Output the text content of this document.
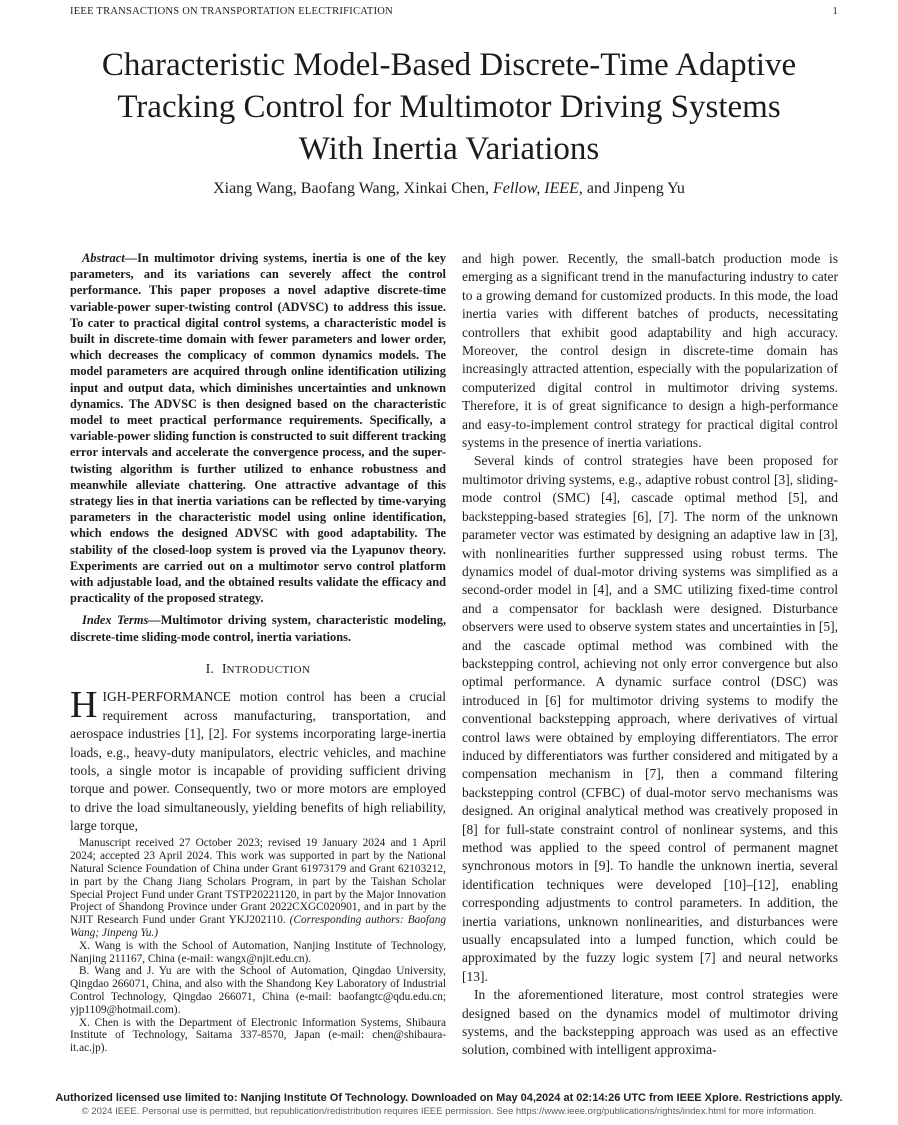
IEEE TRANSACTIONS ON TRANSPORTATION ELECTRIFICATION	1
Characteristic Model-Based Discrete-Time Adaptive
Tracking Control for Multimotor Driving Systems
With Inertia Variations
Xiang Wang, Baofang Wang, Xinkai Chen, Fellow, IEEE, and Jinpeng Yu

Abstract—In multimotor driving systems, inertia is one of the key parameters, and its variations can severely affect the control performance. This paper proposes a novel adaptive discrete-time variable-power super-twisting control (ADVSC) to address this issue. To cater to practical digital control systems, a characteristic model is built in discrete-time domain with fewer parameters and lower order, which decreases the complicacy of common dynamics models. The model parameters are acquired through online identification utilizing input and output data, which diminishes uncertainties and unknown dynamics. The ADVSC is then designed based on the characteristic model to meet practical performance requirements. Specifically, a variable-power sliding function is constructed to suit different tracking error intervals and accelerate the convergence process, and the super-twisting algorithm is further utilized to enhance robustness and meanwhile alleviate chattering. One attractive advantage of this strategy lies in that inertia variations can be reflected by time-varying parameters in the characteristic model using online identification, which endows the designed ADVSC with good adaptability. The stability of the closed-loop system is proved via the Lyapunov theory. Experiments are carried out on a multimotor servo control platform with adjustable load, and the obtained results validate the efficacy and practicality of the proposed strategy.

Index Terms—Multimotor driving system, characteristic modeling, discrete-time sliding-mode control, inertia variations.

I. INTRODUCTION

HIGH-PERFORMANCE motion control has been a crucial requirement across manufacturing, transportation, and aerospace industries [1], [2]. For systems incorporating large-inertia loads, e.g., heavy-duty manipulators, electric vehicles, and machine tools, a single motor is incapable of providing sufficient driving torque and power. Consequently, two or more motors are employed to drive the load simultaneously, yielding benefits of high reliability, large torque,

Manuscript received 27 October 2023; revised 19 January 2024 and 1 April 2024; accepted 23 April 2024. This work was supported in part by the National Natural Science Foundation of China under Grant 61973179 and Grant 62103212, in part by the Chang Jiang Scholars Program, in part by the Taishan Scholar Special Project Fund under Grant TSTP20221120, in part by the Major Innovation Project of Shandong Province under Grant 2022CXGC020901, and in part by the NJIT Research Fund under Grant YKJ202110. (Corresponding authors: Baofang Wang; Jinpeng Yu.)

X. Wang is with the School of Automation, Nanjing Institute of Technology, Nanjing 211167, China (e-mail: wangx@njit.edu.cn).

B. Wang and J. Yu are with the School of Automation, Qingdao University, Qingdao 266071, China, and also with the Shandong Key Laboratory of Industrial Control Technology, Qingdao 266071, China (e-mail: baofangtc@qdu.edu.cn; yjp1109@hotmail.com).

X. Chen is with the Department of Electronic Information Systems, Shibaura Institute of Technology, Saitama 337-8570, Japan (e-mail: chen@shibaura-it.ac.jp).

and high power. Recently, the small-batch production mode is emerging as a significant trend in the manufacturing industry to cater to a growing demand for customized products. In this mode, the load inertia varies with different batches of products, necessitating controllers that exhibit good adaptability and high accuracy. Moreover, the control design in discrete-time domain has increasingly attracted attention, especially with the popularization of computerized digital control in multimotor driving systems. Therefore, it is of great significance to design a high-performance and easy-to-implement control strategy for practical digital control systems in the presence of inertia variations.

Several kinds of control strategies have been proposed for multimotor driving systems, e.g., adaptive robust control [3], sliding-mode control (SMC) [4], cascade optimal method [5], and backstepping-based strategies [6], [7]. The norm of the unknown parameter vector was estimated by designing an adaptive law in [3], with nonlinearities further suppressed using robust terms. The dynamics model of dual-motor driving systems was simplified as a second-order model in [4], and a SMC utilizing fixed-time control and a compensator for backlash were designed. Disturbance observers were used to observe system states and uncertainties in [5], and the cascade optimal method was combined with the backstepping control, achieving not only error convergence but also optimal performance. A dynamic surface control (DSC) was introduced in [6] for multimotor driving systems to modify the conventional backstepping approach, where derivatives of virtual control laws were obtained by employing differentiators. The error induced by differentiators was further considered and mitigated by a compensation mechanism in [7], then a command filtering backstepping control (CFBC) of dual-motor servo mechanisms was designed. An original analytical method was creatively proposed in [8] for full-state constraint control of nonlinear systems, and this method was applied to the speed control of permanent magnet synchronous motors in [9]. To handle the unknown inertia, several identification techniques were developed [10]–[12], enabling corresponding adjustments to control parameters. In addition, the inertia variations, unknown nonlinearities, and disturbances were usually encapsulated into a lumped function, which could be approximated by the fuzzy logic system [7] and neural networks [13].

In the aforementioned literature, most control strategies were designed based on the dynamics model of multimotor driving systems, and the backstepping approach was used as an effective solution, combined with intelligent approxima-

Authorized licensed use limited to: Nanjing Institute Of Technology. Downloaded on May 04,2024 at 02:14:26 UTC from IEEE Xplore. Restrictions apply.
© 2024 IEEE. Personal use is permitted, but republication/redistribution requires IEEE permission. See https://www.ieee.org/publications/rights/index.html for more information.
